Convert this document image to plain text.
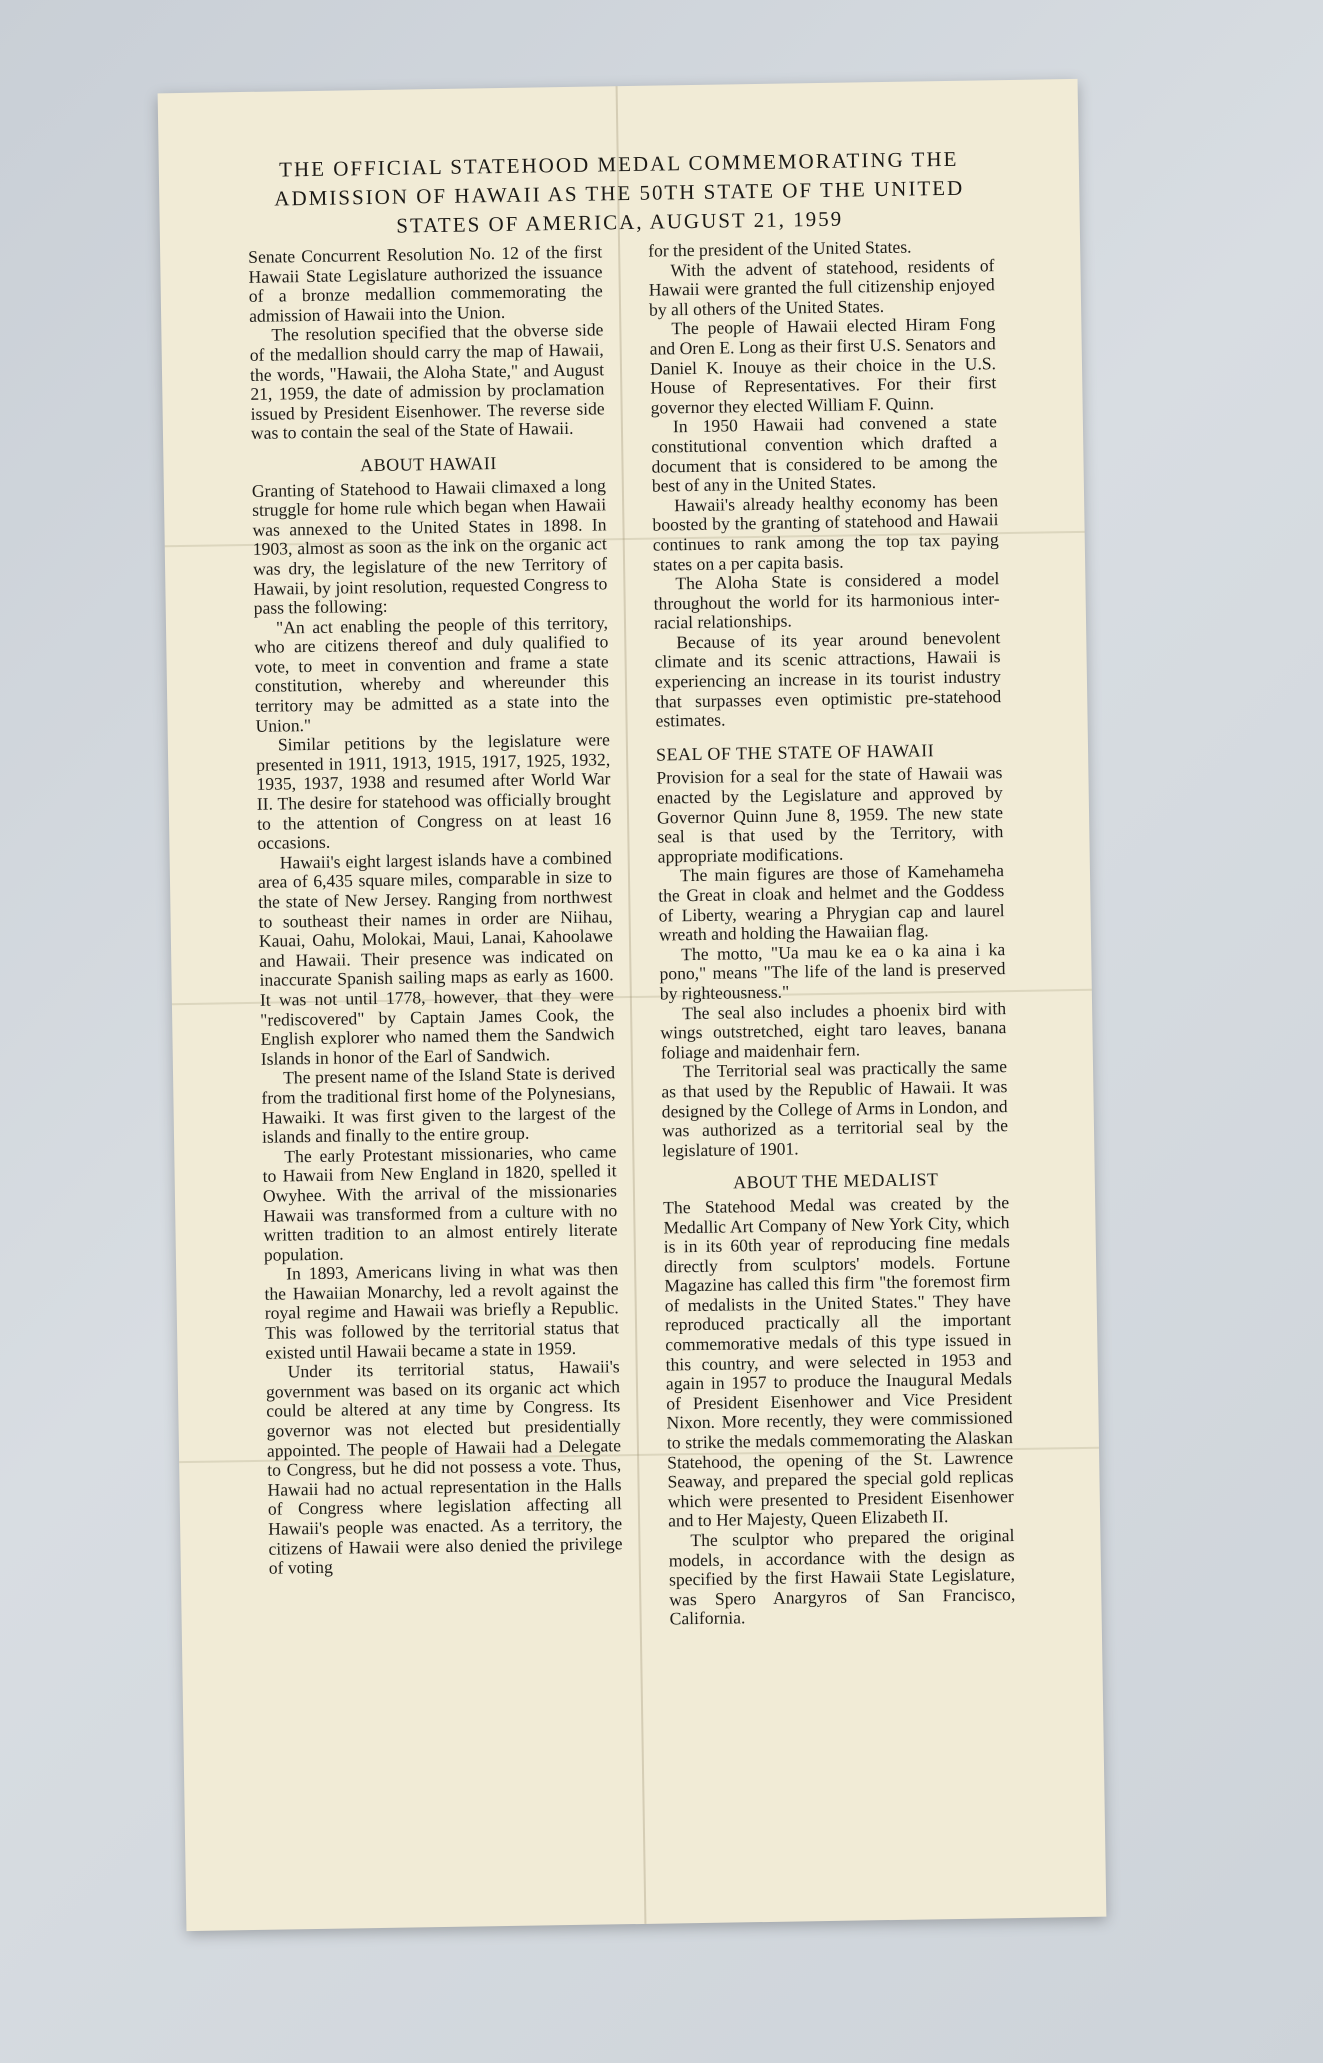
THE OFFICIAL STATEHOOD MEDAL COMMEMORATING THE ADMISSION OF HAWAII AS THE 50TH STATE OF THE UNITED STATES OF AMERICA, AUGUST 21, 1959

Senate Concurrent Resolution No. 12 of the first Hawaii State Legislature authorized the issuance of a bronze medallion commemorating the admission of Hawaii into the Union.

The resolution specified that the obverse side of the medallion should carry the map of Hawaii, the words, "Hawaii, the Aloha State," and August 21, 1959, the date of admission by proclamation issued by President Eisenhower. The reverse side was to contain the seal of the State of Hawaii.

ABOUT HAWAII

Granting of Statehood to Hawaii climaxed a long struggle for home rule which began when Hawaii was annexed to the United States in 1898. In 1903, almost as soon as the ink on the organic act was dry, the legislature of the new Territory of Hawaii, by joint resolution, requested Congress to pass the following:

"An act enabling the people of this territory, who are citizens thereof and duly qualified to vote, to meet in convention and frame a state constitution, whereby and whereunder this territory may be admitted as a state into the Union."

Similar petitions by the legislature were presented in 1911, 1913, 1915, 1917, 1925, 1932, 1935, 1937, 1938 and resumed after World War II. The desire for statehood was officially brought to the attention of Congress on at least 16 occasions.

Hawaii's eight largest islands have a combined area of 6,435 square miles, comparable in size to the state of New Jersey. Ranging from northwest to southeast their names in order are Niihau, Kauai, Oahu, Molokai, Maui, Lanai, Kahoolawe and Hawaii. Their presence was indicated on inaccurate Spanish sailing maps as early as 1600. It was not until 1778, however, that they were "rediscovered" by Captain James Cook, the English explorer who named them the Sandwich Islands in honor of the Earl of Sandwich.

The present name of the Island State is derived from the traditional first home of the Polynesians, Hawaiki. It was first given to the largest of the islands and finally to the entire group.

The early Protestant missionaries, who came to Hawaii from New England in 1820, spelled it Owyhee. With the arrival of the missionaries Hawaii was transformed from a culture with no written tradition to an almost entirely literate population.

In 1893, Americans living in what was then the Hawaiian Monarchy, led a revolt against the royal regime and Hawaii was briefly a Republic. This was followed by the territorial status that existed until Hawaii became a state in 1959.

Under its territorial status, Hawaii's government was based on its organic act which could be altered at any time by Congress. Its governor was not elected but presidentially appointed. The people of Hawaii had a Delegate to Congress, but he did not possess a vote. Thus, Hawaii had no actual representation in the Halls of Congress where legislation affecting all Hawaii's people was enacted. As a territory, the citizens of Hawaii were also denied the privilege of voting

for the president of the United States.

With the advent of statehood, residents of Hawaii were granted the full citizenship enjoyed by all others of the United States.

The people of Hawaii elected Hiram Fong and Oren E. Long as their first U.S. Senators and Daniel K. Inouye as their choice in the U.S. House of Representatives. For their first governor they elected William F. Quinn.

In 1950 Hawaii had convened a state constitutional convention which drafted a document that is considered to be among the best of any in the United States.

Hawaii's already healthy economy has been boosted by the granting of statehood and Hawaii continues to rank among the top tax paying states on a per capita basis.

The Aloha State is considered a model throughout the world for its harmonious inter-racial relationships.

Because of its year around benevolent climate and its scenic attractions, Hawaii is experiencing an increase in its tourist industry that surpasses even optimistic pre-statehood estimates.

SEAL OF THE STATE OF HAWAII

Provision for a seal for the state of Hawaii was enacted by the Legislature and approved by Governor Quinn June 8, 1959. The new state seal is that used by the Territory, with appropriate modifications.

The main figures are those of Kamehameha the Great in cloak and helmet and the Goddess of Liberty, wearing a Phrygian cap and laurel wreath and holding the Hawaiian flag.

The motto, "Ua mau ke ea o ka aina i ka pono," means "The life of the land is preserved by righteousness."

The seal also includes a phoenix bird with wings outstretched, eight taro leaves, banana foliage and maidenhair fern.

The Territorial seal was practically the same as that used by the Republic of Hawaii. It was designed by the College of Arms in London, and was authorized as a territorial seal by the legislature of 1901.

ABOUT THE MEDALIST

The Statehood Medal was created by the Medallic Art Company of New York City, which is in its 60th year of reproducing fine medals directly from sculptors' models. Fortune Magazine has called this firm "the foremost firm of medalists in the United States." They have reproduced practically all the important commemorative medals of this type issued in this country, and were selected in 1953 and again in 1957 to produce the Inaugural Medals of President Eisenhower and Vice President Nixon. More recently, they were commissioned to strike the medals commemorating the Alaskan Statehood, the opening of the St. Lawrence Seaway, and prepared the special gold replicas which were presented to President Eisenhower and to Her Majesty, Queen Elizabeth II.

The sculptor who prepared the original models, in accordance with the design as specified by the first Hawaii State Legislature, was Spero Anargyros of San Francisco, California.
